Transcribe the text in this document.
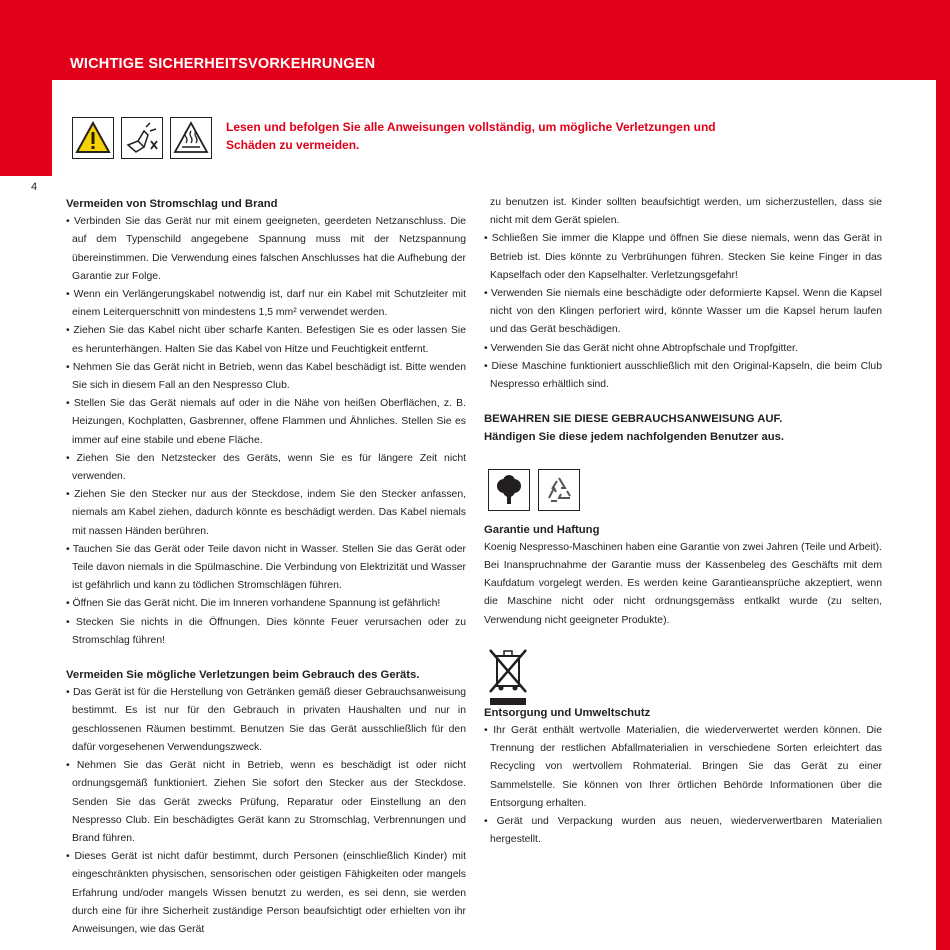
WICHTIGE SICHERHEITSVORKEHRUNGEN
4
Lesen und befolgen Sie alle Anweisungen vollständig, um mögliche Verletzungen und Schäden zu vermeiden.

Vermeiden von Stromschlag und Brand

• Verbinden Sie das Gerät nur mit einem geeigneten, geerdeten Netzanschluss. Die auf dem Typenschild angegebene Spannung muss mit der Netzspannung übereinstimmen. Die Verwendung eines falschen Anschlusses hat die Aufhebung der Garantie zur Folge.

• Wenn ein Verlängerungskabel notwendig ist, darf nur ein Kabel mit Schutzleiter mit einem Leiterquerschnitt von mindestens 1,5 mm² verwendet werden.

• Ziehen Sie das Kabel nicht über scharfe Kanten. Befestigen Sie es oder lassen Sie es herunterhängen. Halten Sie das Kabel von Hitze und Feuchtigkeit entfernt.

• Nehmen Sie das Gerät nicht in Betrieb, wenn das Kabel beschädigt ist. Bitte wenden Sie sich in diesem Fall an den Nespresso Club.

• Stellen Sie das Gerät niemals auf oder in die Nähe von heißen Oberflächen, z. B. Heizungen, Kochplatten, Gasbrenner, offene Flammen und Ähnliches. Stellen Sie es immer auf eine stabile und ebene Fläche.

• Ziehen Sie den Netzstecker des Geräts, wenn Sie es für längere Zeit nicht verwenden.

• Ziehen Sie den Stecker nur aus der Steckdose, indem Sie den Stecker anfassen, niemals am Kabel ziehen, dadurch könnte es beschädigt werden. Das Kabel niemals mit nassen Händen berühren.

• Tauchen Sie das Gerät oder Teile davon nicht in Wasser. Stellen Sie das Gerät oder Teile davon niemals in die Spülmaschine. Die Verbindung von Elektrizität und Wasser ist gefährlich und kann zu tödlichen Stromschlägen führen.

• Öffnen Sie das Gerät nicht. Die im Inneren vorhandene Spannung ist gefährlich!

• Stecken Sie nichts in die Öffnungen. Dies könnte Feuer verursachen oder zu Stromschlag führen!

Vermeiden Sie mögliche Verletzungen beim Gebrauch des Geräts.

• Das Gerät ist für die Herstellung von Getränken gemäß dieser Gebrauchsanweisung bestimmt. Es ist nur für den Gebrauch in privaten Haushalten und nur in geschlossenen Räumen bestimmt. Benutzen Sie das Gerät ausschließlich für den dafür vorgesehenen Verwendungszweck.

• Nehmen Sie das Gerät nicht in Betrieb, wenn es beschädigt ist oder nicht ordnungsgemäß funktioniert. Ziehen Sie sofort den Stecker aus der Steckdose. Senden Sie das Gerät zwecks Prüfung, Reparatur oder Einstellung an den Nespresso Club. Ein beschädigtes Gerät kann zu Stromschlag, Verbrennungen und Brand führen.

• Dieses Gerät ist nicht dafür bestimmt, durch Personen (einschließlich Kinder) mit eingeschränkten physischen, sensorischen oder geistigen Fähigkeiten oder mangels Erfahrung und/oder mangels Wissen benutzt zu werden, es sei denn, sie werden durch eine für ihre Sicherheit zuständige Person beaufsichtigt oder erhielten von ihr Anweisungen, wie das Gerät

zu benutzen ist. Kinder sollten beaufsichtigt werden, um sicherzustellen, dass sie nicht mit dem Gerät spielen.

• Schließen Sie immer die Klappe und öffnen Sie diese niemals, wenn das Gerät in Betrieb ist. Dies könnte zu Verbrühungen führen. Stecken Sie keine Finger in das Kapselfach oder den Kapselhalter. Verletzungsgefahr!

• Verwenden Sie niemals eine beschädigte oder deformierte Kapsel. Wenn die Kapsel nicht von den Klingen perforiert wird, könnte Wasser um die Kapsel herum laufen und das Gerät beschädigen.

• Verwenden Sie das Gerät nicht ohne Abtropfschale und Tropfgitter.

• Diese Maschine funktioniert ausschließlich mit den Original-Kapseln, die beim Club Nespresso erhältlich sind.

BEWAHREN SIE DIESE GEBRAUCHSANWEISUNG AUF.

Händigen Sie diese jedem nachfolgenden Benutzer aus.

Garantie und Haftung

Koenig Nespresso-Maschinen haben eine Garantie von zwei Jahren (Teile und Arbeit). Bei Inanspruchnahme der Garantie muss der Kassenbeleg des Geschäfts mit dem Kaufdatum vorgelegt werden. Es werden keine Garantieansprüche akzeptiert, wenn die Maschine nicht oder nicht ordnungsgemäss entkalkt wurde (zu selten, Verwendung nicht geeigneter Produkte).

Entsorgung und Umweltschutz

• Ihr Gerät enthält wertvolle Materialien, die wiederverwertet werden können. Die Trennung der restlichen Abfallmaterialien in verschiedene Sorten erleichtert das Recycling von wertvollem Rohmaterial. Bringen Sie das Gerät zu einer Sammelstelle. Sie können von Ihrer örtlichen Behörde Informationen über die Entsorgung erhalten.

• Gerät und Verpackung wurden aus neuen, wiederverwertbaren Materialien hergestellt.
